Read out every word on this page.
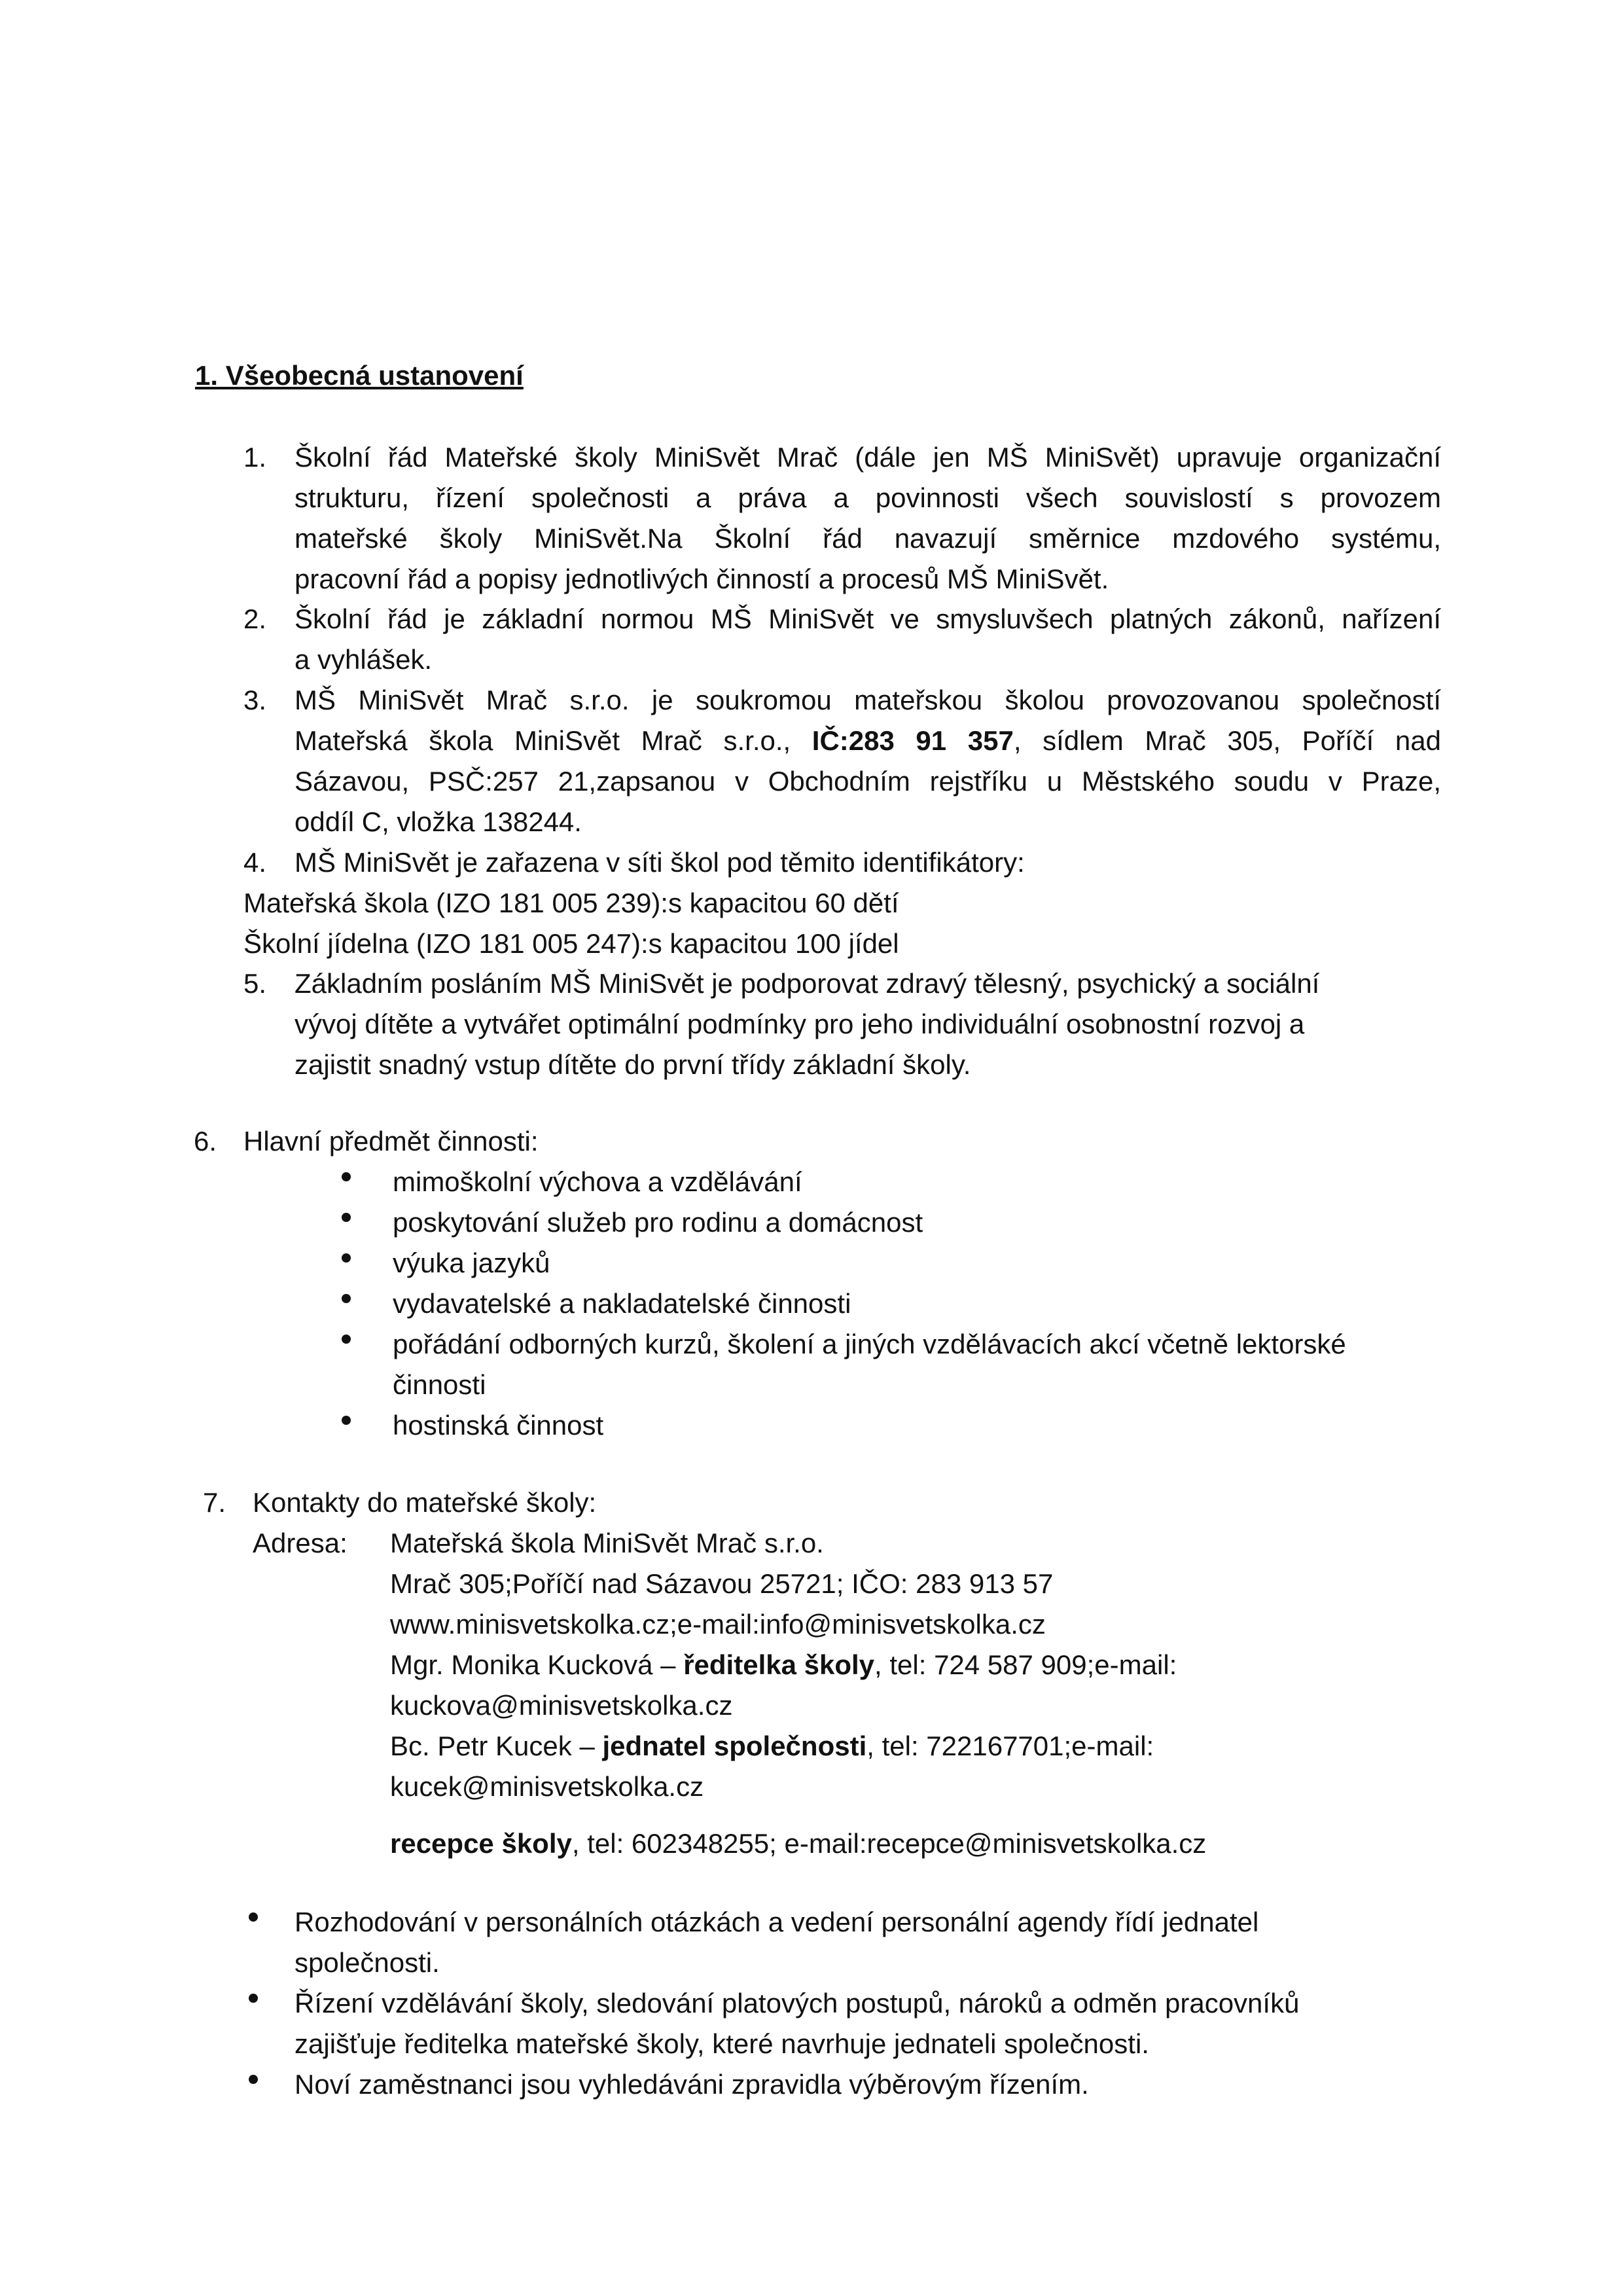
1. Všeobecná ustanovení
1. Školní řád Mateřské školy MiniSvět Mrač (dále jen MŠ MiniSvět) upravuje organizační
strukturu, řízení společnosti a práva a povinnosti všech souvislostí s provozem
mateřské školy MiniSvět.Na Školní řád navazují směrnice mzdového systému,
pracovní řád a popisy jednotlivých činností a procesů MŠ MiniSvět.
2. Školní řád je základní normou MŠ MiniSvět ve smysluvšech platných zákonů, nařízení
a vyhlášek.
3. MŠ MiniSvět Mrač s.r.o. je soukromou mateřskou školou provozovanou společností
Mateřská škola MiniSvět Mrač s.r.o., IČ:283 91 357, sídlem Mrač 305, Poříčí nad
Sázavou, PSČ:257 21,zapsanou v Obchodním rejstříku u Městského soudu v Praze,
oddíl C, vložka 138244.
4. MŠ MiniSvět je zařazena v síti škol pod těmito identifikátory:
Mateřská škola (IZO 181 005 239):s kapacitou 60 dětí
Školní jídelna (IZO 181 005 247):s kapacitou 100 jídel
5. Základním posláním MŠ MiniSvět je podporovat zdravý tělesný, psychický a sociální
vývoj dítěte a vytvářet optimální podmínky pro jeho individuální osobnostní rozvoj a
zajistit snadný vstup dítěte do první třídy základní školy.
6. Hlavní předmět činnosti:
mimoškolní výchova a vzdělávání
poskytování služeb pro rodinu a domácnost
výuka jazyků
vydavatelské a nakladatelské činnosti
pořádání odborných kurzů, školení a jiných vzdělávacích akcí včetně lektorské
činnosti
hostinská činnost
7. Kontakty do mateřské školy:
Adresa: Mateřská škola MiniSvět Mrač s.r.o.
Mrač 305;Poříčí nad Sázavou 25721; IČO: 283 913 57
www.minisvetskolka.cz;e-mail:info@minisvetskolka.cz
Mgr. Monika Kucková – ředitelka školy, tel: 724 587 909;e-mail:
kuckova@minisvetskolka.cz
Bc. Petr Kucek – jednatel společnosti, tel: 722167701;e-mail:
kucek@minisvetskolka.cz
recepce školy, tel: 602348255; e-mail:recepce@minisvetskolka.cz
Rozhodování v personálních otázkách a vedení personální agendy řídí jednatel
společnosti.
Řízení vzdělávání školy, sledování platových postupů, nároků a odměn pracovníků
zajišťuje ředitelka mateřské školy, které navrhuje jednateli společnosti.
Noví zaměstnanci jsou vyhledáváni zpravidla výběrovým řízením.
